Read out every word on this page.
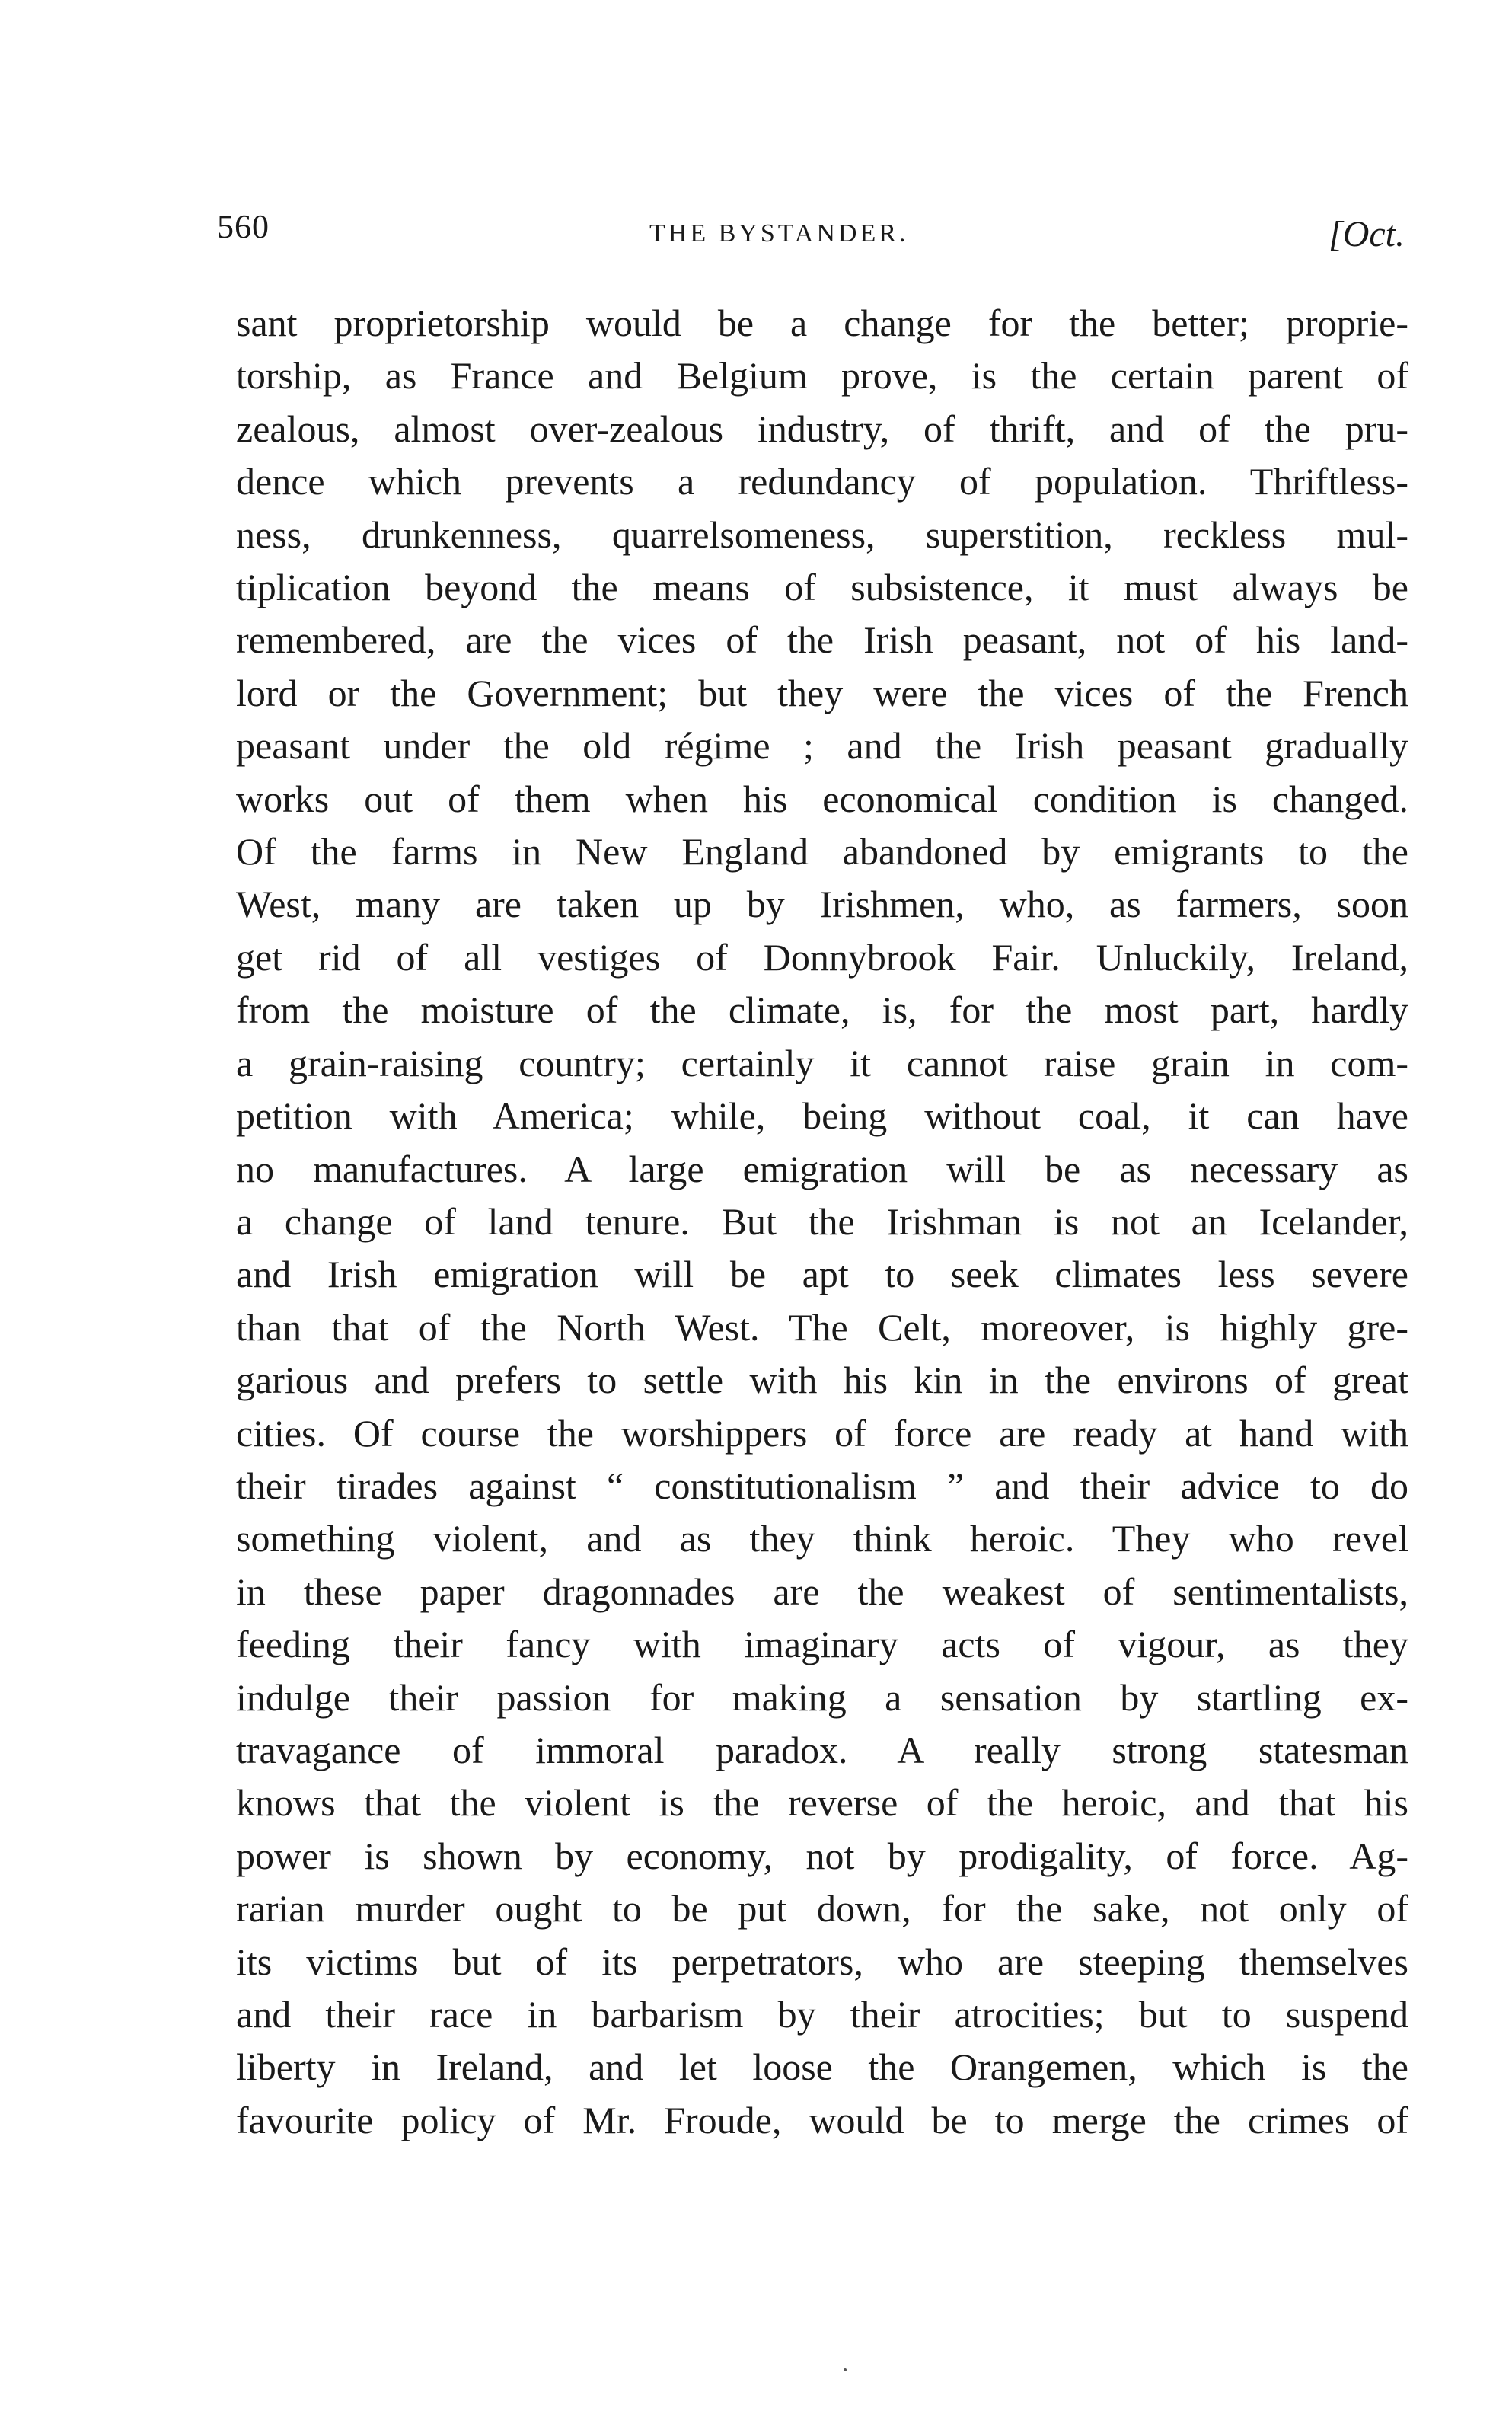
560	THE BYSTANDER.	[Oct.
sant proprietorship would be a change for the better; proprie-
torship, as France and Belgium prove, is the certain parent of
zealous, almost over-zealous industry, of thrift, and of the pru-
dence which prevents a redundancy of population. Thriftless-
ness, drunkenness, quarrelsomeness, superstition, reckless mul-
tiplication beyond the means of subsistence, it must always be
remembered, are the vices of the Irish peasant, not of his land-
lord or the Government; but they were the vices of the French
peasant under the old régime ; and the Irish peasant gradually
works out of them when his economical condition is changed.
Of the farms in New England abandoned by emigrants to the
West, many are taken up by Irishmen, who, as farmers, soon
get rid of all vestiges of Donnybrook Fair. Unluckily, Ireland,
from the moisture of the climate, is, for the most part, hardly
a grain-raising country; certainly it cannot raise grain in com-
petition with America; while, being without coal, it can have
no manufactures. A large emigration will be as necessary as
a change of land tenure. But the Irishman is not an Icelander,
and Irish emigration will be apt to seek climates less severe
than that of the North West. The Celt, moreover, is highly gre-
garious and prefers to settle with his kin in the environs of great
cities. Of course the worshippers of force are ready at hand with
their tirades against “ constitutionalism ” and their advice to do
something violent, and as they think heroic. They who revel
in these paper dragonnades are the weakest of sentimentalists,
feeding their fancy with imaginary acts of vigour, as they
indulge their passion for making a sensation by startling ex-
travagance of immoral paradox. A really strong statesman
knows that the violent is the reverse of the heroic, and that his
power is shown by economy, not by prodigality, of force. Ag-
rarian murder ought to be put down, for the sake, not only of
its victims but of its perpetrators, who are steeping themselves
and their race in barbarism by their atrocities; but to suspend
liberty in Ireland, and let loose the Orangemen, which is the
favourite policy of Mr. Froude, would be to merge the crimes of
